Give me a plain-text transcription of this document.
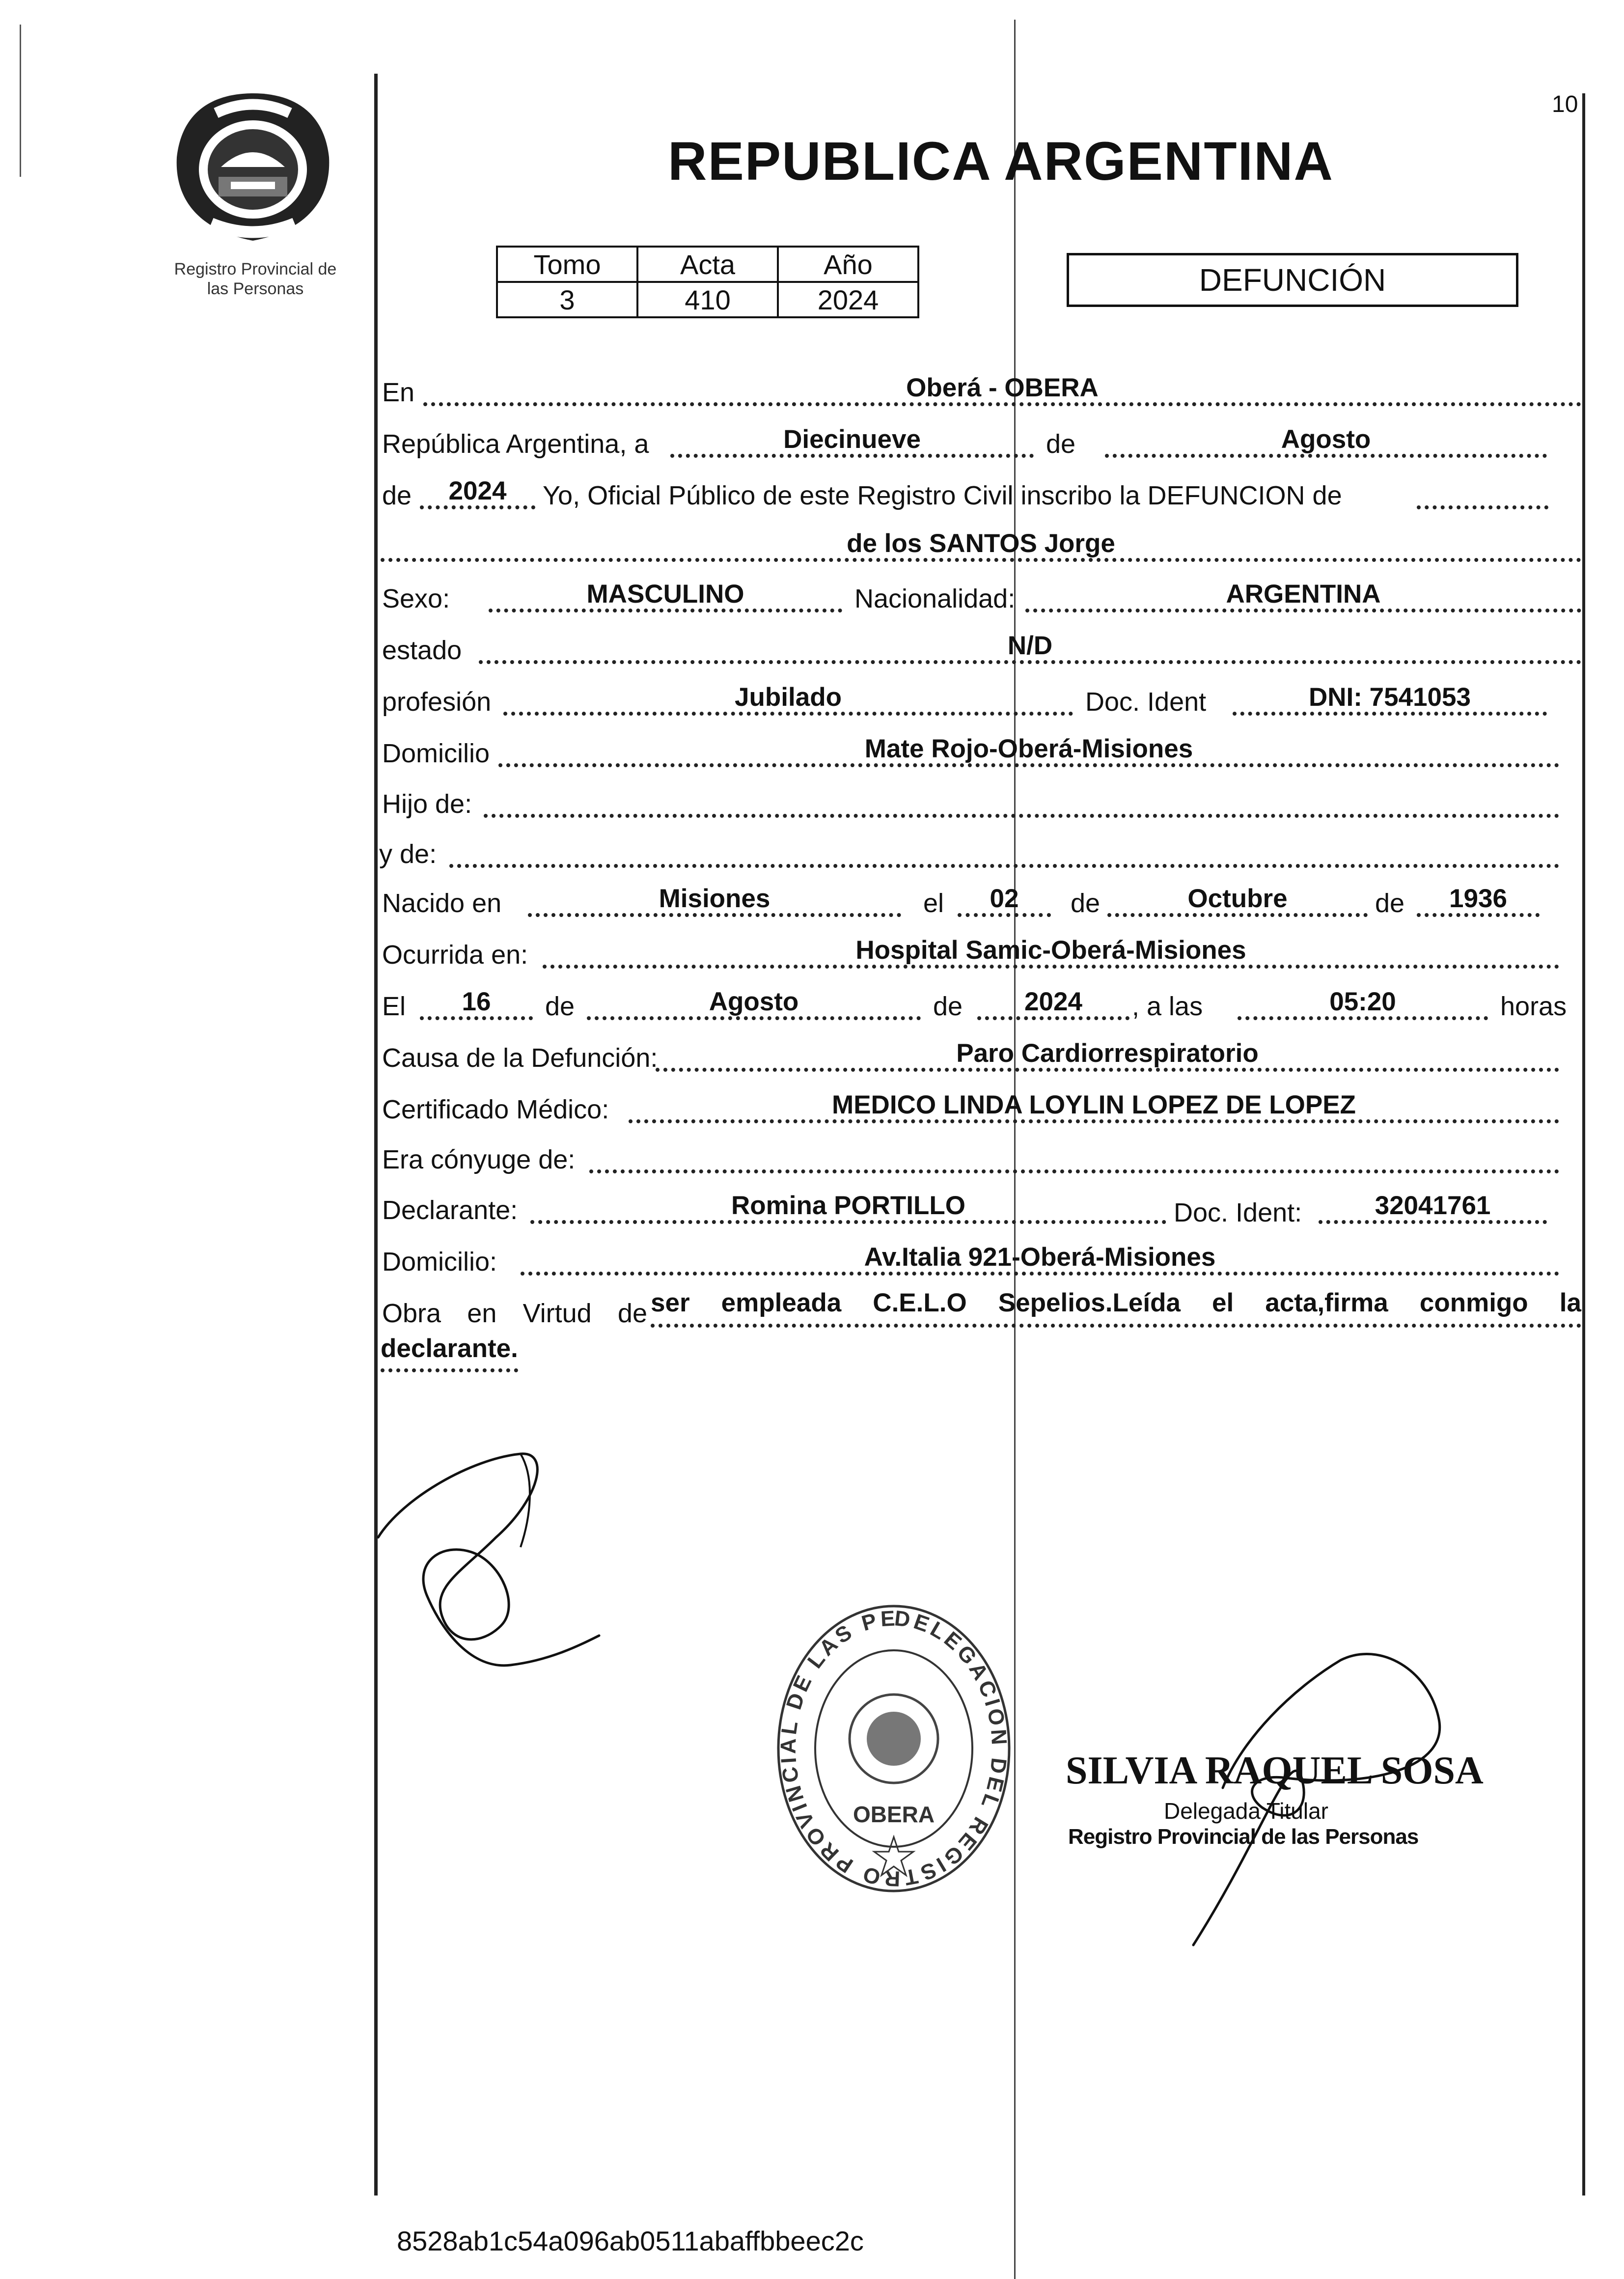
Registro Provincial de
las Personas
10
REPUBLICA ARGENTINA
Tomo	Acta	Año
3	410	2024
DEFUNCIÓN
En	Oberá - OBERA
República Argentina, a	Diecinueve	de	Agosto
de	2024	Yo, Oficial Público de este Registro Civil inscribo la DEFUNCION de
de los SANTOS Jorge
Sexo:	MASCULINO	Nacionalidad:	ARGENTINA
estado	N/D
profesión	Jubilado	Doc. Ident	DNI: 7541053
Domicilio	Mate Rojo-Oberá-Misiones
Hijo de:
y de:
Nacido en	Misiones	el	02	de	Octubre	de	1936
Ocurrida en:	Hospital Samic-Oberá-Misiones
El	16	de	Agosto	de	2024	, a las	05:20	horas
Causa de la Defunción:	Paro Cardiorrespiratorio
Certificado Médico:	MEDICO LINDA LOYLIN LOPEZ DE LOPEZ
Era cónyuge de:
Declarante:	Romina PORTILLO	Doc. Ident:	32041761
Domicilio:	Av.Italia 921-Oberá-Misiones
Obra en Virtud de ser empleada C.E.L.O Sepelios.Leída el acta,firma conmigo la
declarante.
DELEGACION DEL REGISTRO PROVINCIAL DE LAS PE
OBERA
SILVIA RAQUEL SOSA
Delegada Titular
Registro Provincial de las Personas
8528ab1c54a096ab0511abaffbbeec2c
